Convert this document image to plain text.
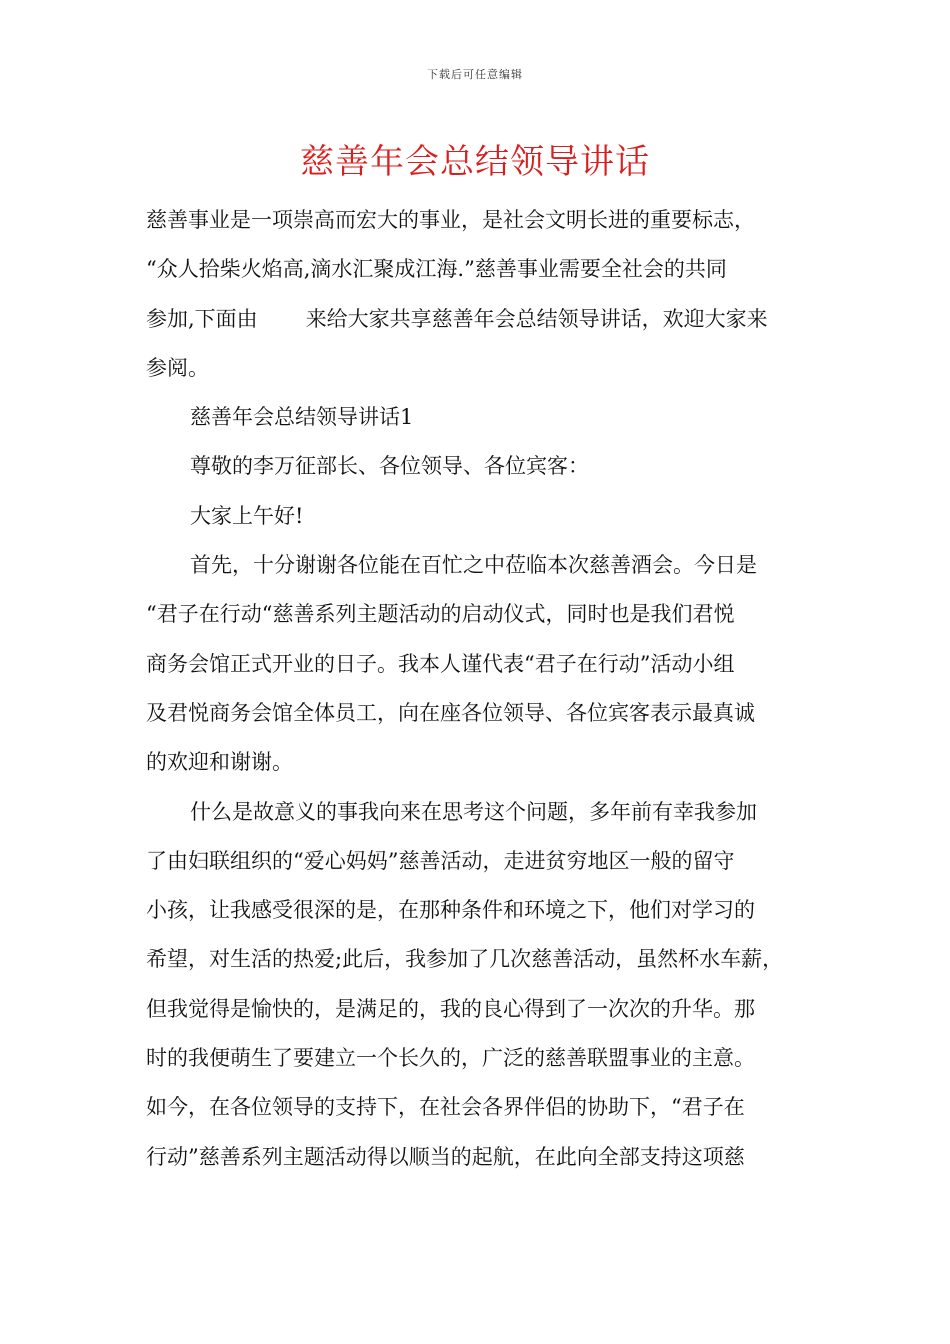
下载后可任意编辑
慈善年会总结领导讲话
慈善事业是一项崇高而宏大的事业，是社会文明长进的重要标志，
“众人拾柴火焰高,滴水汇聚成江海.”慈善事业需要全社会的共同
参加,下面由 来给大家共享慈善年会总结领导讲话，欢迎大家来
参阅。
慈善年会总结领导讲话1
尊敬的李万征部长、各位领导、各位宾客：
大家上午好!
首先，十分谢谢各位能在百忙之中莅临本次慈善酒会。今日是
“君子在行动“慈善系列主题活动的启动仪式，同时也是我们君悦
商务会馆正式开业的日子。我本人谨代表“君子在行动”活动小组
及君悦商务会馆全体员工，向在座各位领导、各位宾客表示最真诚
的欢迎和谢谢。
什么是故意义的事我向来在思考这个问题，多年前有幸我参加
了由妇联组织的“爱心妈妈”慈善活动，走进贫穷地区一般的留守
小孩，让我感受很深的是，在那种条件和环境之下，他们对学习的
希望，对生活的热爱;此后，我参加了几次慈善活动，虽然杯水车薪，
但我觉得是愉快的，是满足的，我的良心得到了一次次的升华。那
时的我便萌生了要建立一个长久的，广泛的慈善联盟事业的主意。
如今，在各位领导的支持下，在社会各界伴侣的协助下，“君子在
行动”慈善系列主题活动得以顺当的起航，在此向全部支持这项慈
